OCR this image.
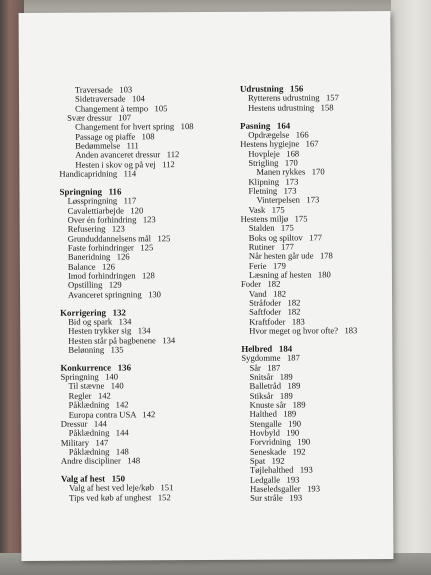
Traversade   103
Sidetraversade   104
Changement à tempo   105
Svær dressur   107
Changement for hvert spring   108
Passage og piaffe   108
Bedømmelse   111
Anden avanceret dressur   112
Hesten i skov og på vej   112
Handicapridning   114
Springning   116
Løsspringning   117
Cavalettiarbejde   120
Over én forhindring   123
Refusering   123
Grunduddannelsens mål   125
Faste forhindringer   125
Baneridning   126
Balance   126
Imod forhindringen   128
Opstilling   129
Avanceret springning   130
Korrigering   132
Bid og spark   134
Hesten trykker sig   134
Hesten står på bagbenene   134
Belønning   135
Konkurrence   136
Springning   140
Til stævne   140
Regler   142
Påklædning   142
Europa contra USA   142
Dressur   144
Påklædning   144
Military   147
Påklædning   148
Andre discipliner   148
Valg af hest   150
Valg af hest ved leje/køb   151
Tips ved køb af unghest   152
Udrustning   156
Rytterens udrustning   157
Hestens udrustning   158
Pasning   164
Opdrægelse   166
Hestens hygiejne   167
Hovpleje   168
Strigling   170
Manen rykkes   170
Klipning   173
Fletning   173
Vinterpelsen   173
Vask   175
Hestens miljø   175
Stalden   175
Boks og spiltov   177
Rutiner   177
Når hesten går ude   178
Ferie   179
Læsning af hesten   180
Foder   182
Vand   182
Stråfoder   182
Saftfoder   182
Kraftfoder   183
Hvor meget og hvor ofte?   183
Helbred   184
Sygdomme   187
Sår   187
Snitsår   189
Balletråd   189
Stiksår   189
Knuste sår   189
Halthed   189
Stengalle   190
Hovbyld   190
Forvridning   190
Seneskade   192
Spat   192
Tøjlehalthed   193
Ledgalle   193
Haseledsgaller   193
Sur stråle   193
